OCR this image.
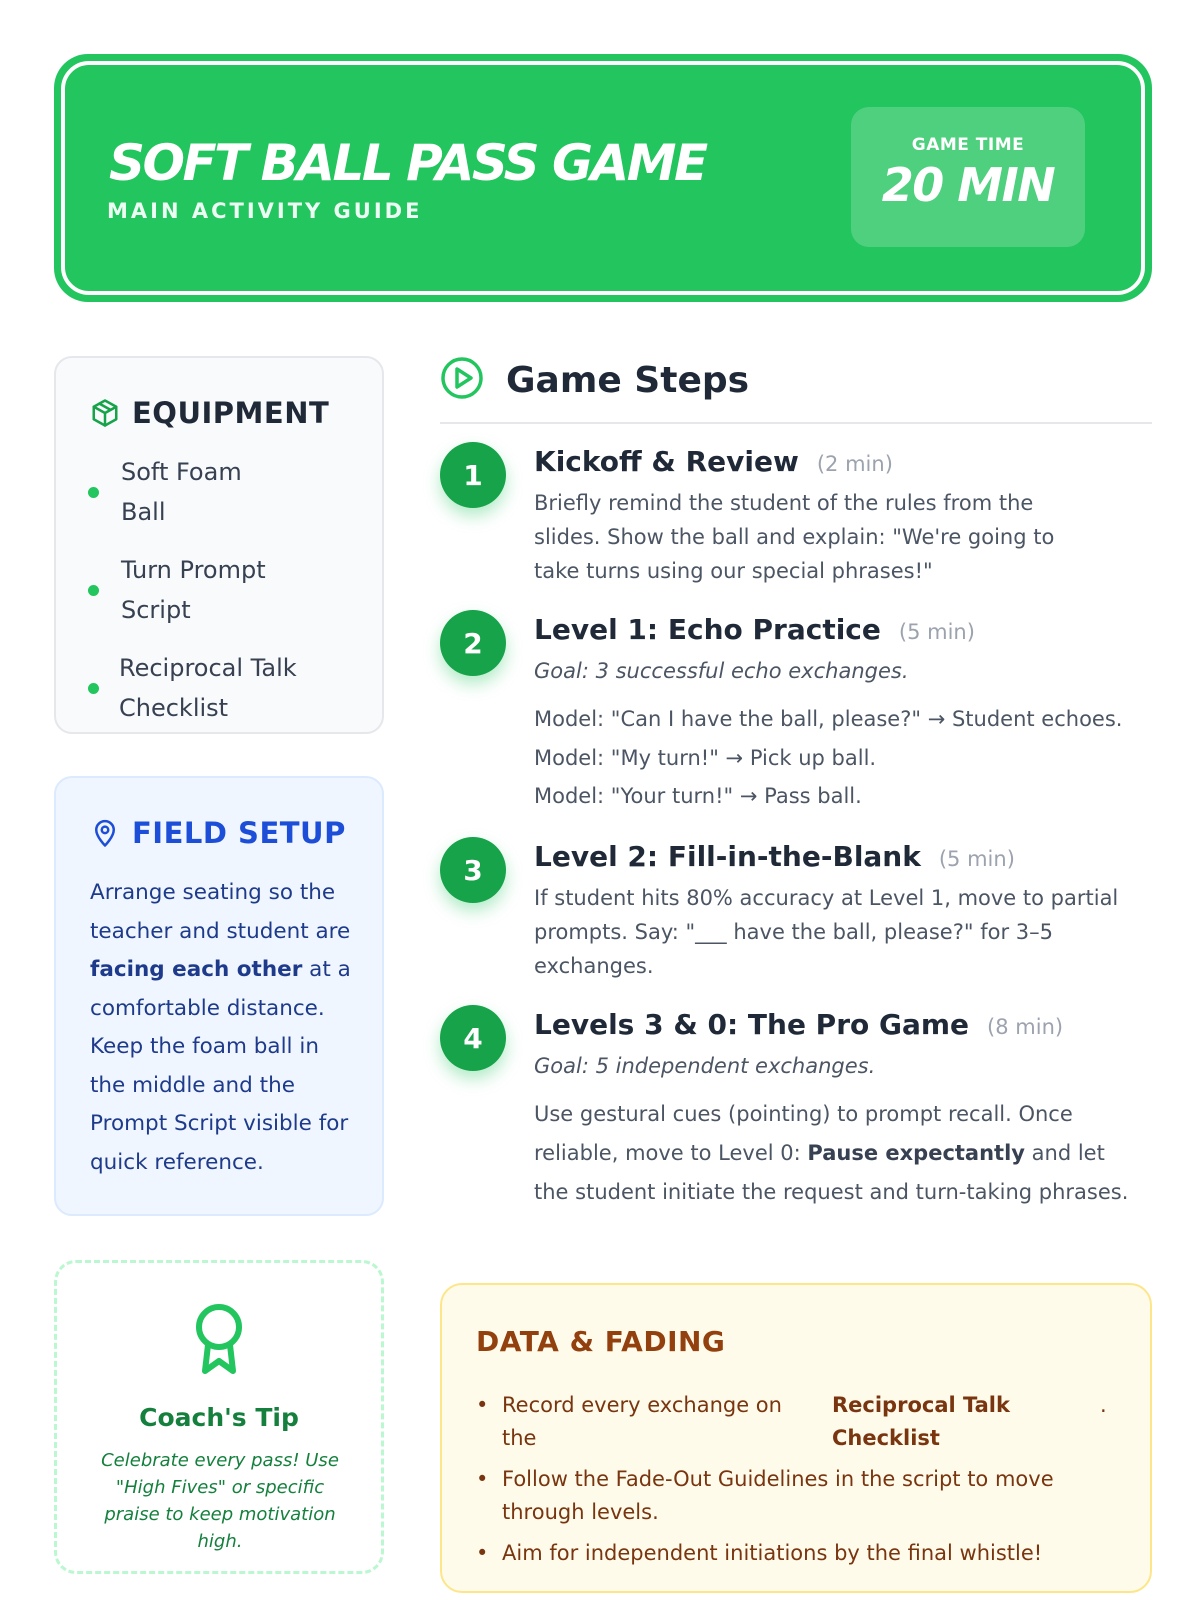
SOFT BALL PASS GAME
MAIN ACTIVITY GUIDE
GAME TIME
20 MIN
EQUIPMENT
Soft Foam Ball
Turn Prompt Script
Reciprocal Talk Checklist
FIELD SETUP
Arrange seating so the teacher and student are facing each other at a comfortable distance. Keep the foam ball in the middle and the Prompt Script visible for quick reference.
Coach's Tip
Celebrate every pass! Use "High Fives" or specific praise to keep motivation high.
Game Steps
1	Kickoff & Review (2 min)
Briefly remind the student of the rules from the slides. Show the ball and explain: "We're going to take turns using our special phrases!"
2	Level 1: Echo Practice (5 min)
Goal: 3 successful echo exchanges.
Model: "Can I have the ball, please?" → Student echoes.
Model: "My turn!" → Pick up ball.
Model: "Your turn!" → Pass ball.
3	Level 2: Fill-in-the-Blank (5 min)
If student hits 80% accuracy at Level 1, move to partial prompts. Say: "___ have the ball, please?" for 3–5 exchanges.
4	Levels 3 & 0: The Pro Game (8 min)
Goal: 5 independent exchanges.
Use gestural cues (pointing) to prompt recall. Once reliable, move to Level 0: Pause expectantly and let the student initiate the request and turn-taking phrases.
DATA & FADING
• Record every exchange on the
Reciprocal Talk Checklist
.
• Follow the Fade-Out Guidelines in the script to move through levels.
• Aim for independent initiations by the final whistle!
